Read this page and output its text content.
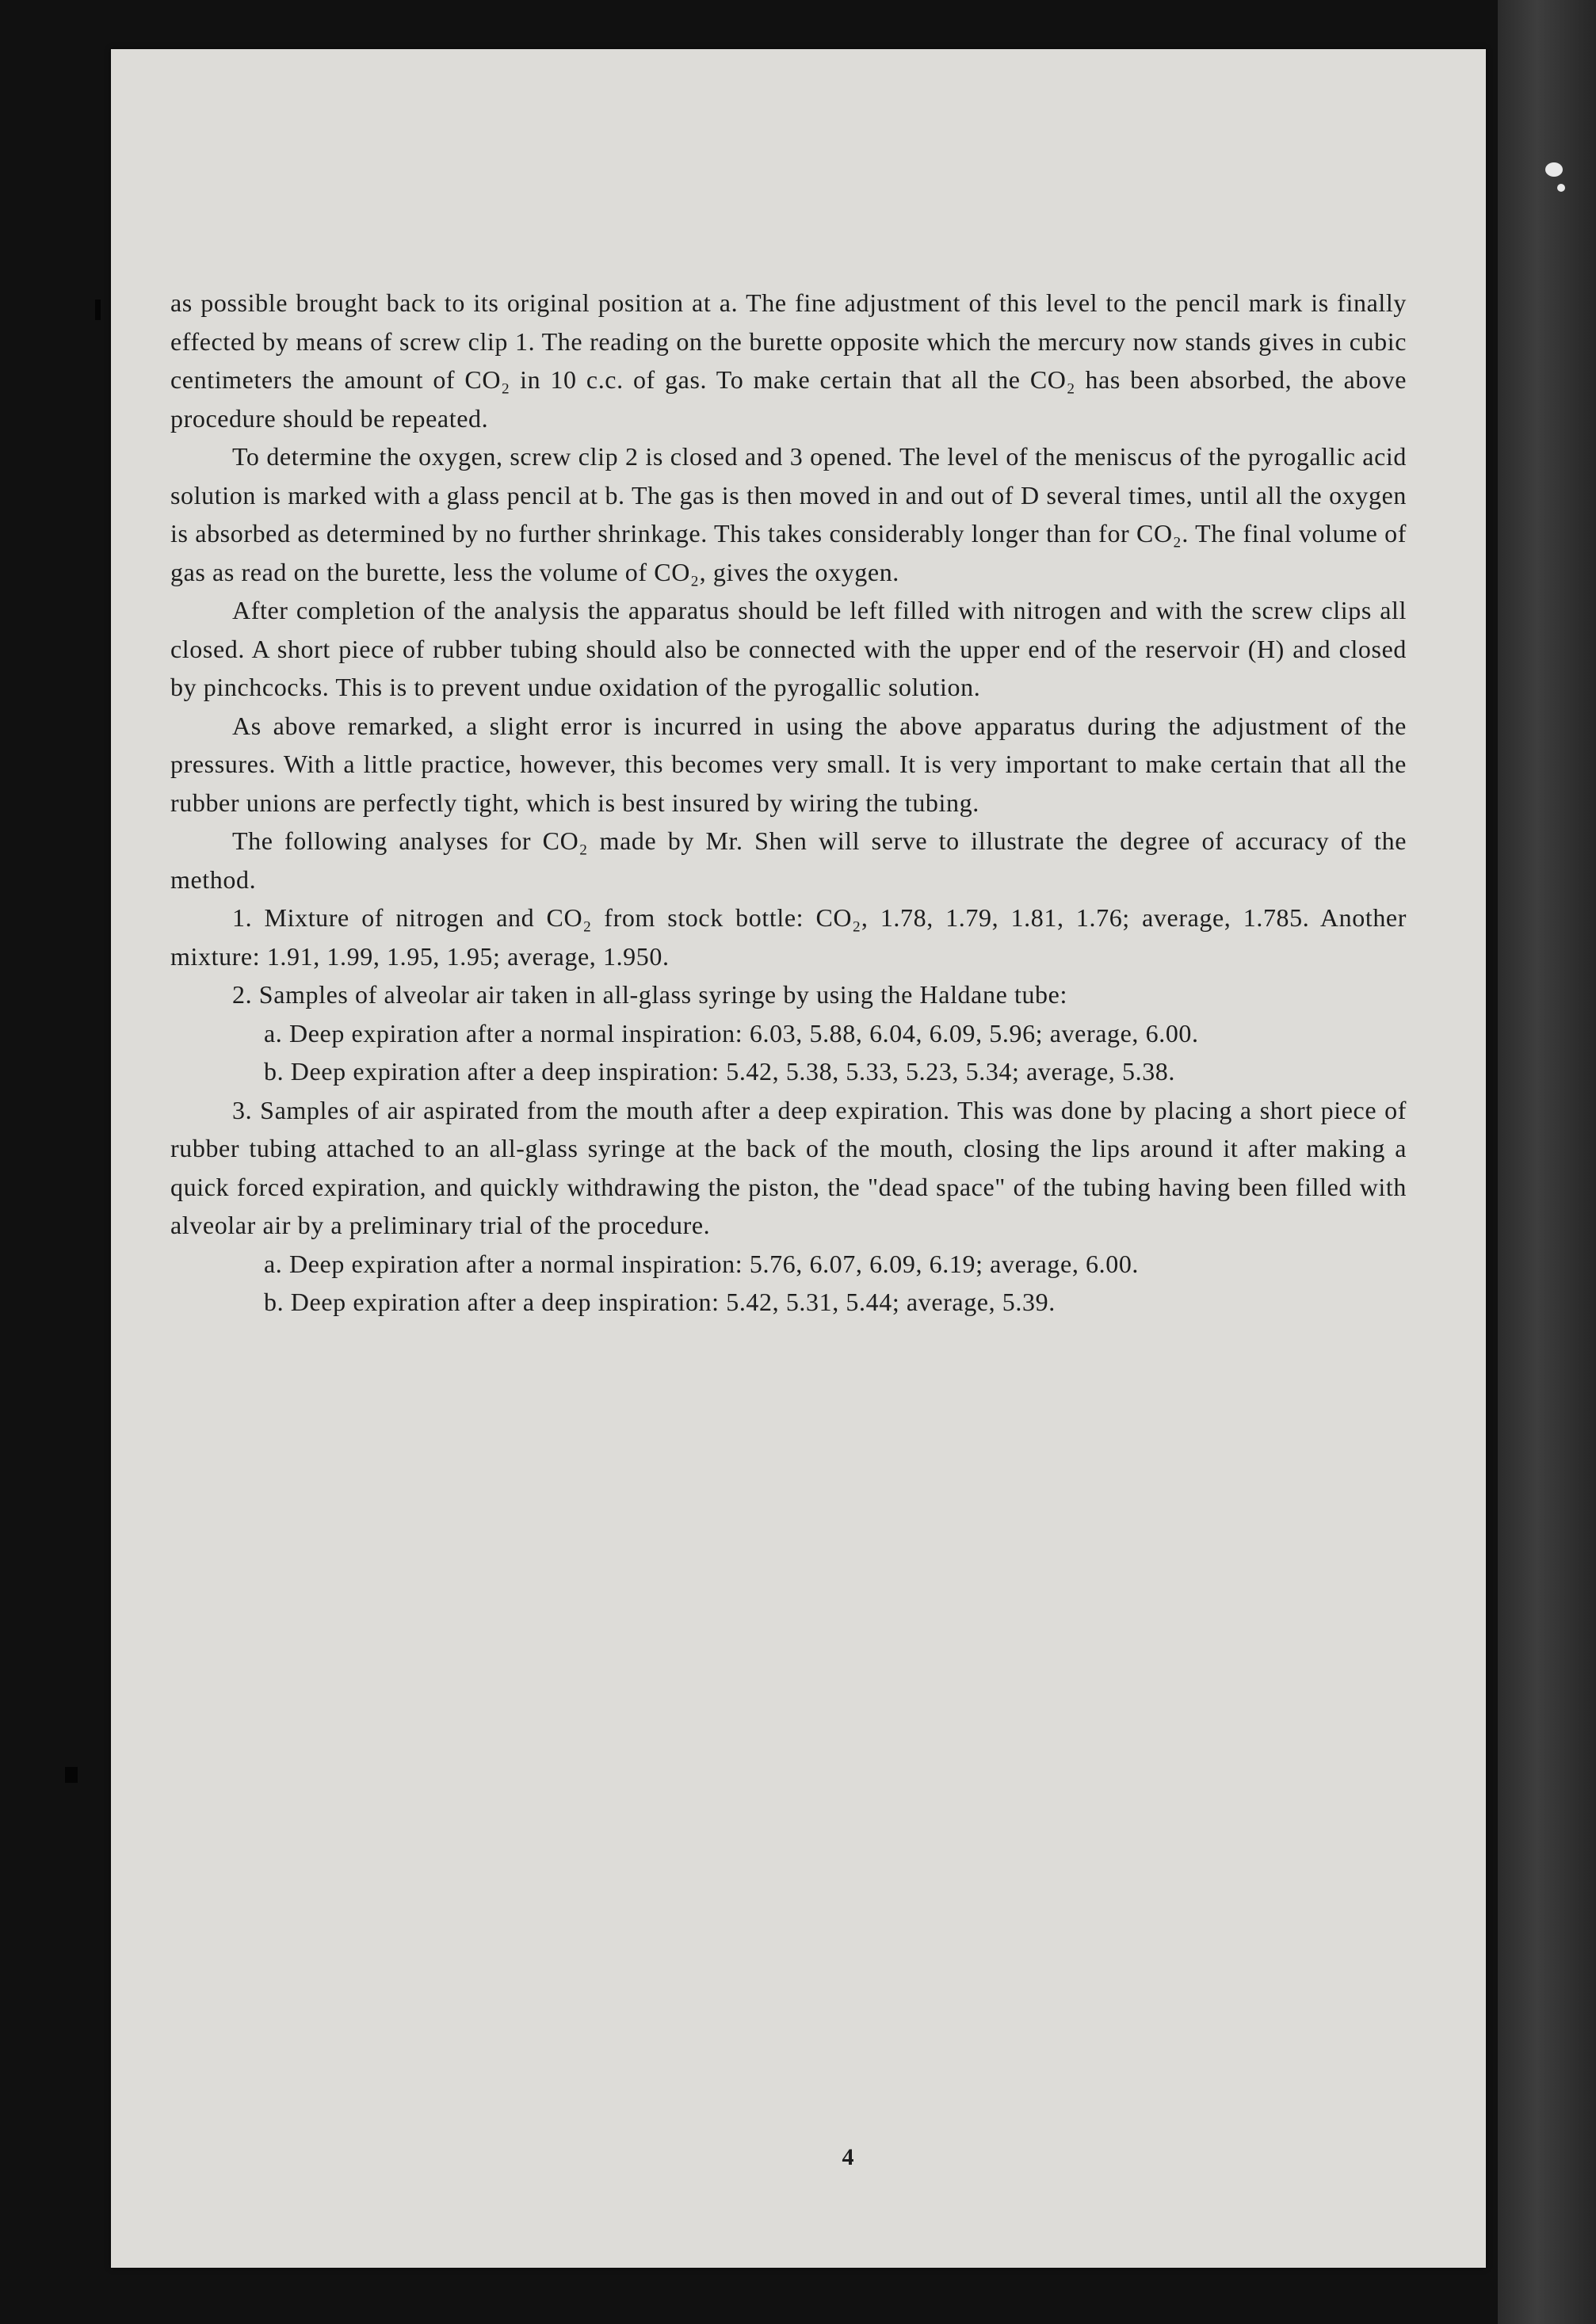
as possible brought back to its original position at a. The fine adjustment of this level to the pencil mark is finally effected by means of screw clip 1. The reading on the burette opposite which the mercury now stands gives in cubic centimeters the amount of CO₂ in 10 c.c. of gas. To make certain that all the CO₂ has been absorbed, the above procedure should be repeated.

To determine the oxygen, screw clip 2 is closed and 3 opened. The level of the meniscus of the pyrogallic acid solution is marked with a glass pencil at b. The gas is then moved in and out of D several times, until all the oxygen is absorbed as determined by no further shrinkage. This takes considerably longer than for CO₂. The final volume of gas as read on the burette, less the volume of CO₂, gives the oxygen.

After completion of the analysis the apparatus should be left filled with nitrogen and with the screw clips all closed. A short piece of rubber tubing should also be connected with the upper end of the reservoir (H) and closed by pinchcocks. This is to prevent undue oxidation of the pyrogallic solution.

As above remarked, a slight error is incurred in using the above apparatus during the adjustment of the pressures. With a little practice, however, this becomes very small. It is very important to make certain that all the rubber unions are perfectly tight, which is best insured by wiring the tubing.

The following analyses for CO₂ made by Mr. Shen will serve to illustrate the degree of accuracy of the method.

1. Mixture of nitrogen and CO₂ from stock bottle: CO₂, 1.78, 1.79, 1.81, 1.76; average, 1.785. Another mixture: 1.91, 1.99, 1.95, 1.95; average, 1.950.

2. Samples of alveolar air taken in all-glass syringe by using the Haldane tube:

a. Deep expiration after a normal inspiration: 6.03, 5.88, 6.04, 6.09, 5.96; average, 6.00.

b. Deep expiration after a deep inspiration: 5.42, 5.38, 5.33, 5.23, 5.34; average, 5.38.

3. Samples of air aspirated from the mouth after a deep expiration. This was done by placing a short piece of rubber tubing attached to an all-glass syringe at the back of the mouth, closing the lips around it after making a quick forced expiration, and quickly withdrawing the piston, the "dead space" of the tubing having been filled with alveolar air by a preliminary trial of the procedure.

a. Deep expiration after a normal inspiration: 5.76, 6.07, 6.09, 6.19; average, 6.00.

b. Deep expiration after a deep inspiration: 5.42, 5.31, 5.44; average, 5.39.

4
